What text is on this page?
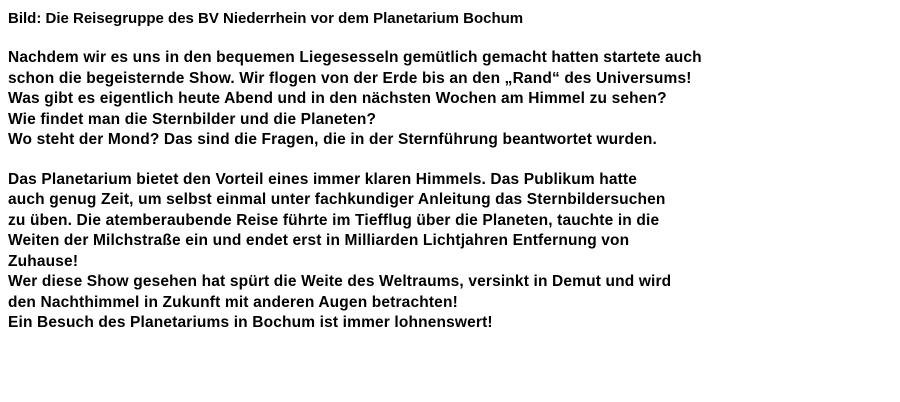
Bild: Die Reisegruppe des BV Niederrhein vor dem Planetarium Bochum

Nachdem wir es uns in den bequemen Liegesesseln gemütlich gemacht hatten startete auch
schon die begeisternde Show. Wir flogen von der Erde bis an den „Rand“ des Universums!
Was gibt es eigentlich heute Abend und in den nächsten Wochen am Himmel zu sehen?
Wie findet man die Sternbilder und die Planeten?
Wo steht der Mond? Das sind die Fragen, die in der Sternführung beantwortet wurden.

Das Planetarium bietet den Vorteil eines immer klaren Himmels. Das Publikum hatte
auch genug Zeit, um selbst einmal unter fachkundiger Anleitung das Sternbildersuchen
zu üben. Die atemberaubende Reise führte im Tiefflug über die Planeten, tauchte in die
Weiten der Milchstraße ein und endet erst in Milliarden Lichtjahren Entfernung von
Zuhause!
Wer diese Show gesehen hat spürt die Weite des Weltraums, versinkt in Demut und wird
den Nachthimmel in Zukunft mit anderen Augen betrachten!
Ein Besuch des Planetariums in Bochum ist immer lohnenswert!
